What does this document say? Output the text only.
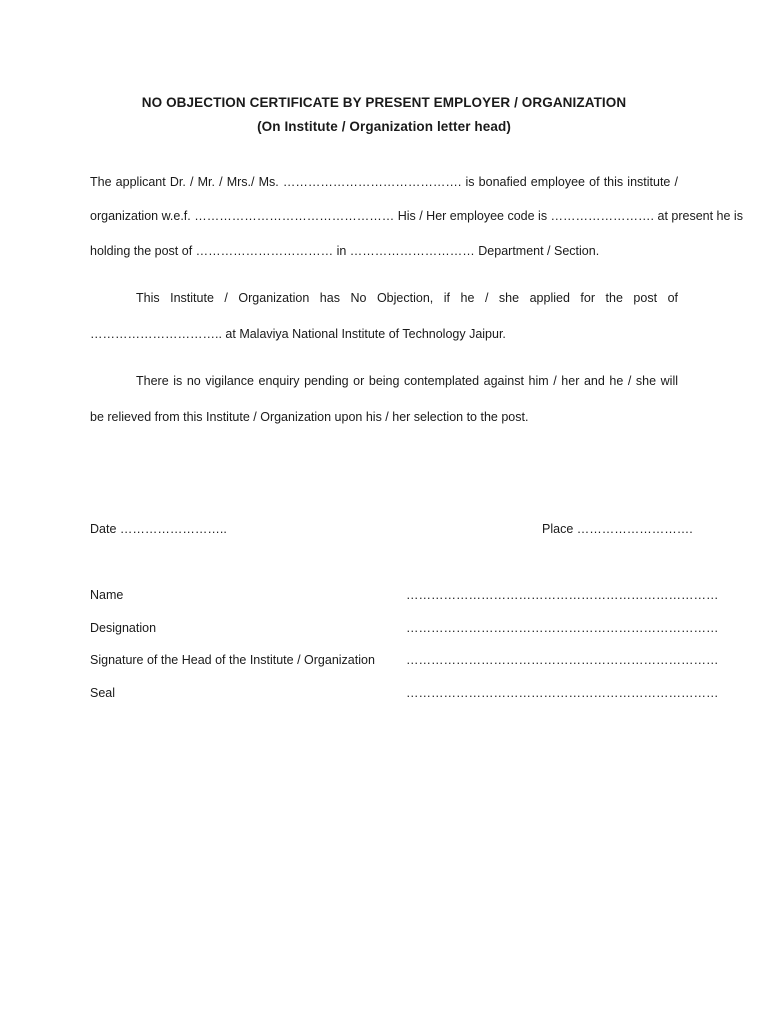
NO OBJECTION CERTIFICATE BY PRESENT EMPLOYER / ORGANIZATION
(On Institute / Organization letter head)
The applicant Dr. / Mr. / Mrs./ Ms. ……………………………………. is bonafied employee of this institute /
organization w.e.f. ………………………………………… His / Her employee code is ……………………. at present he is
holding the post of …………………………… in ………………………… Department / Section.
This Institute / Organization has No Objection, if he / she applied for the post of
………………………….. at Malaviya National Institute of Technology Jaipur.
There is no vigilance enquiry pending or being contemplated against him / her and he / she will
be relieved from this Institute / Organization upon his / her selection to the post.
Date ……………………..	Place ……………………….
Name	…………………………………………………………………
Designation	…………………………………………………………………
Signature of the Head of the Institute / Organization …………………………………………………………………
Seal	…………………………………………………………………
